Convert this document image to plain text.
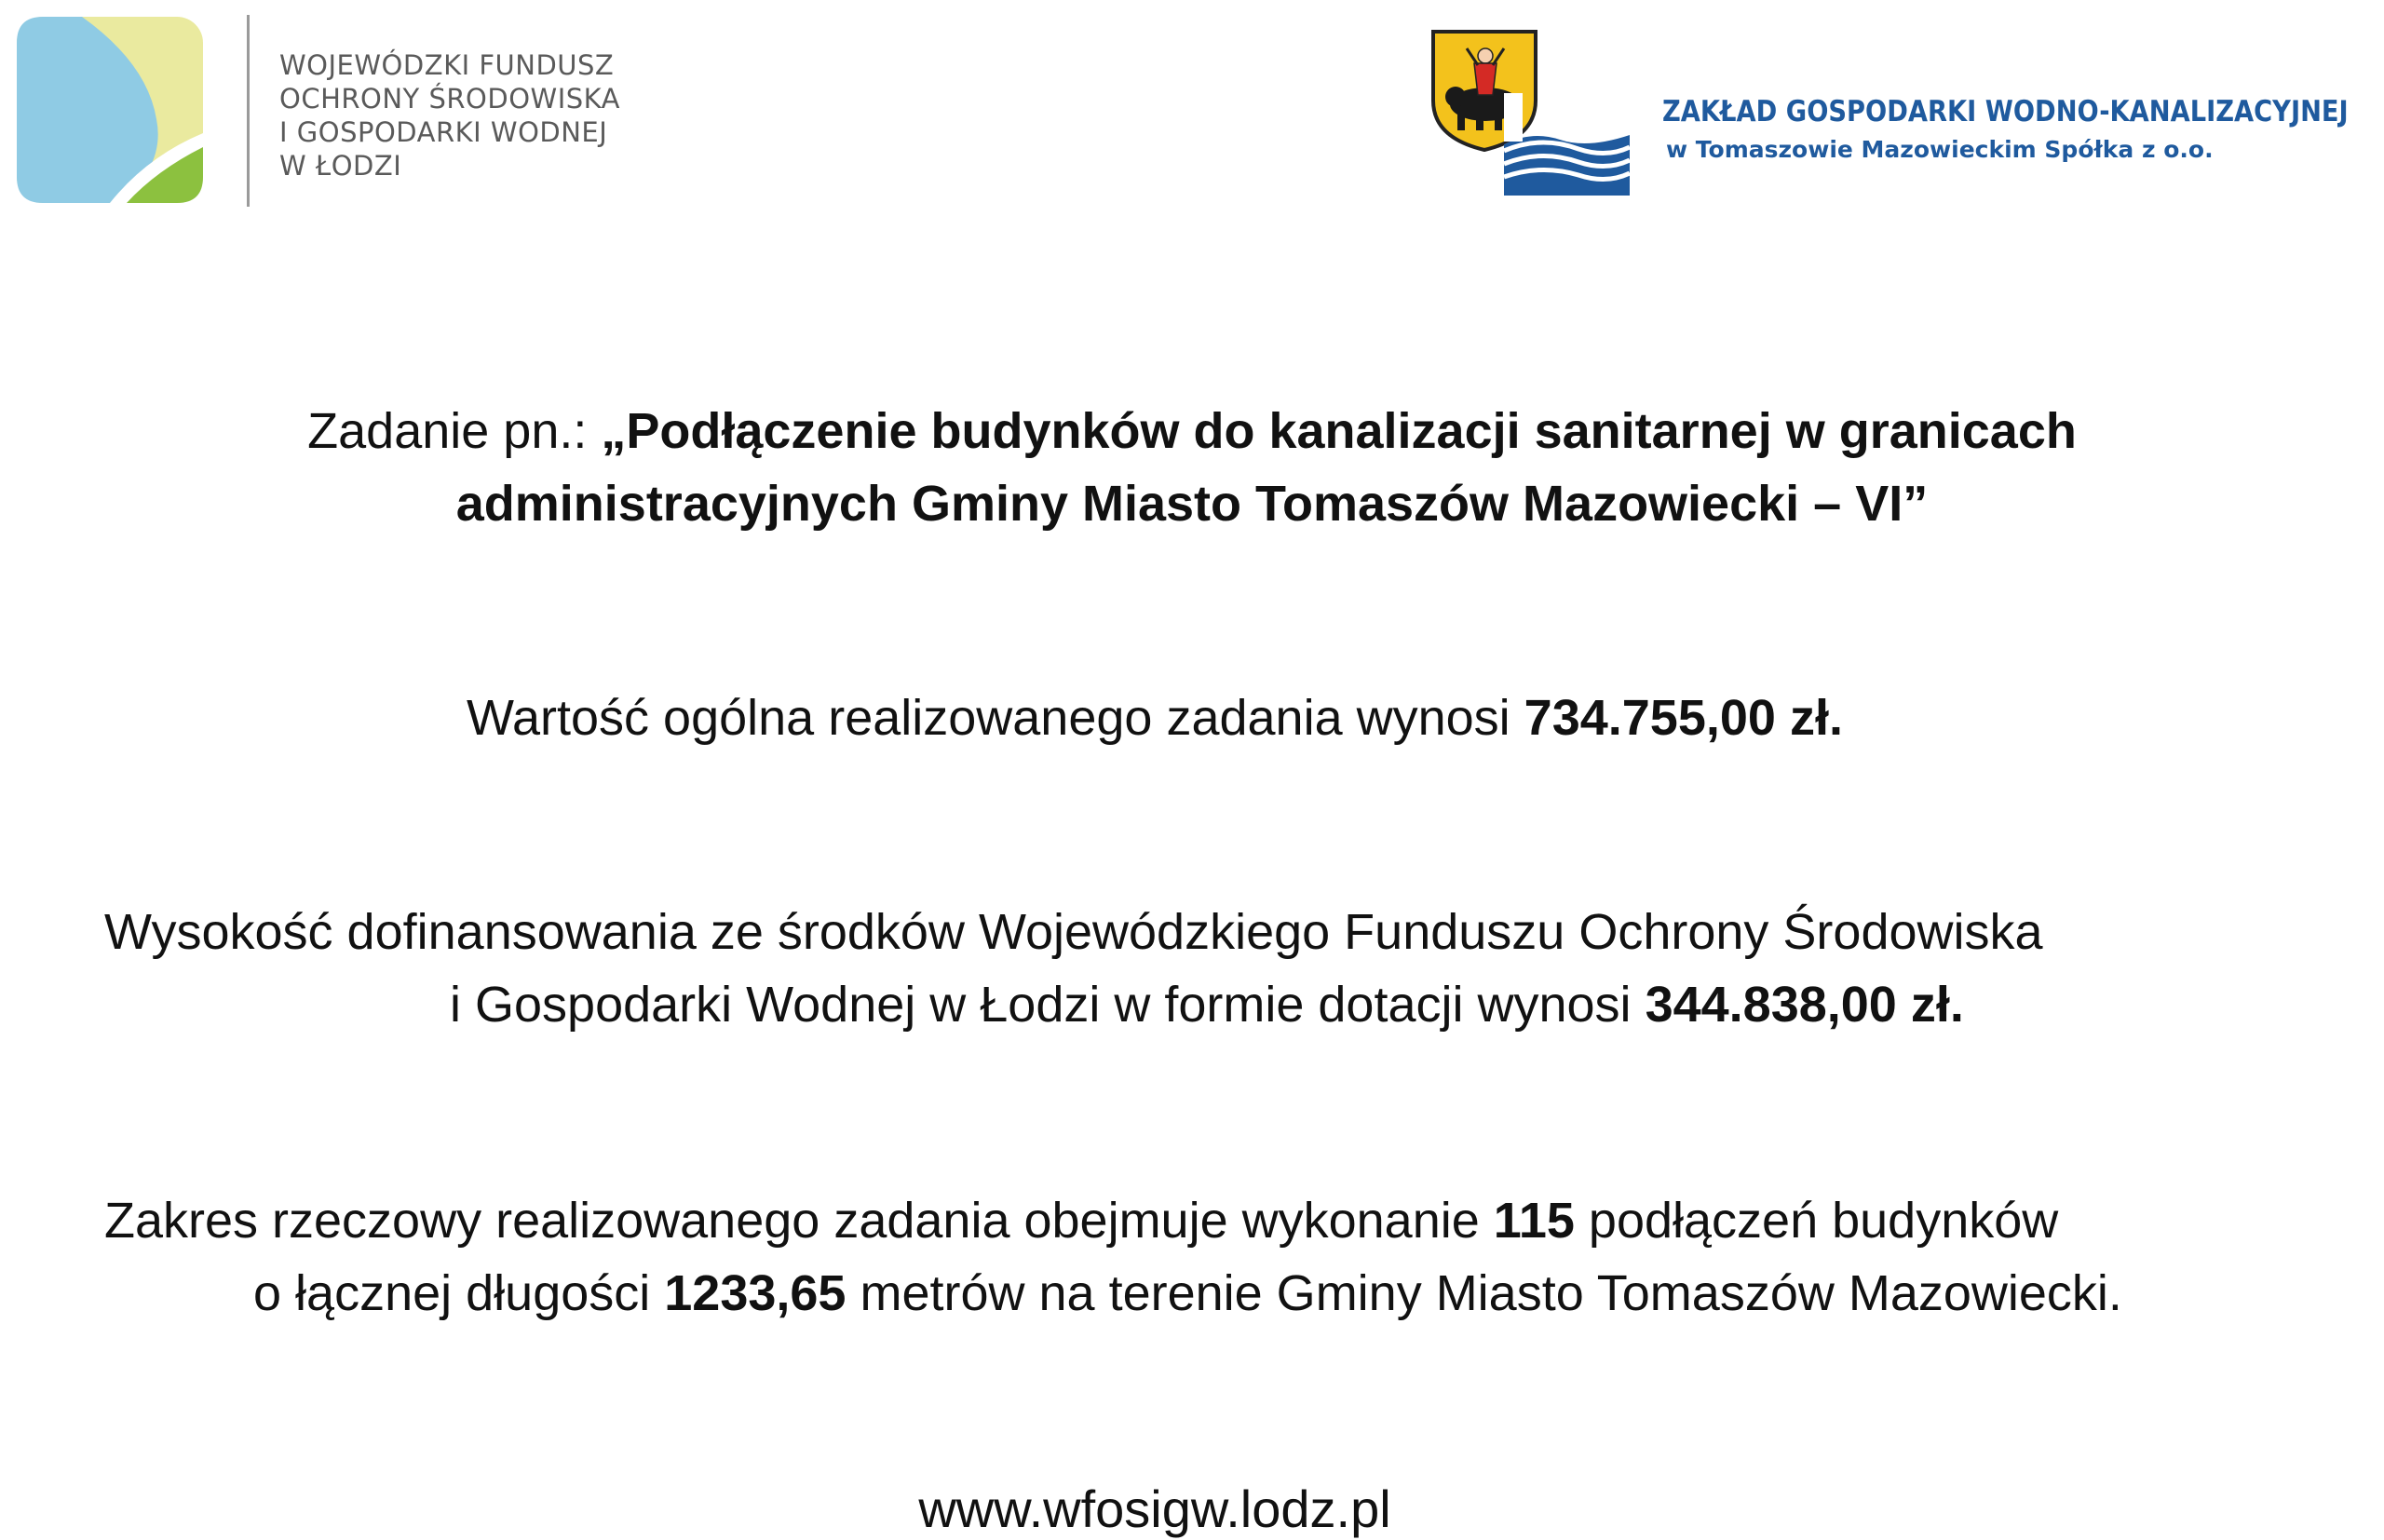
WOJEWÓDZKI FUNDUSZ
OCHRONY ŚRODOWISKA
I GOSPODARKI WODNEJ
W ŁODZI
ZAKŁAD GOSPODARKI WODNO-KANALIZACYJNEJ
w Tomaszowie Mazowieckim Spółka z o.o.
Zadanie pn.: „Podłączenie budynków do kanalizacji sanitarnej w granicach
administracyjnych Gminy Miasto Tomaszów Mazowiecki – VI”
Wartość ogólna realizowanego zadania wynosi 734.755,00 zł.
Wysokość dofinansowania ze środków Wojewódzkiego Funduszu Ochrony Środowiska
i Gospodarki Wodnej w Łodzi w formie dotacji wynosi 344.838,00 zł.
Zakres rzeczowy realizowanego zadania obejmuje wykonanie 115 podłączeń budynków
o łącznej długości 1233,65 metrów na terenie Gminy Miasto Tomaszów Mazowiecki.
www.wfosigw.lodz.pl
